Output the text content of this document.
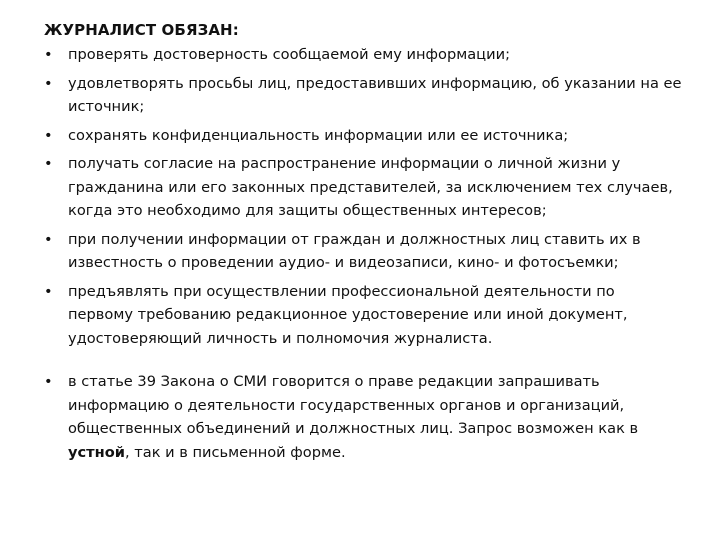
ЖУРНАЛИСТ ОБЯЗАН:
• проверять достоверность сообщаемой ему информации;
• удовлетворять просьбы лиц, предоставивших информацию, об указании на ее источник;
• сохранять конфиденциальность информации или ее источника;
• получать согласие на распространение информации о личной жизни у гражданина или его законных представителей, за исключением тех случаев, когда это необходимо для защиты общественных интересов;
• при получении информации от граждан и должностных лиц ставить их в известность о проведении аудио- и видеозаписи, кино- и фотосъемки;
• предъявлять при осуществлении профессиональной деятельности по первому требованию редакционное удостоверение или иной документ, удостоверяющий личность и полномочия журналиста.
• в статье 39 Закона о СМИ говорится о праве редакции запрашивать информацию о деятельности государственных органов и организаций, общественных объединений и должностных лиц. Запрос возможен как в устной, так и в письменной форме.
